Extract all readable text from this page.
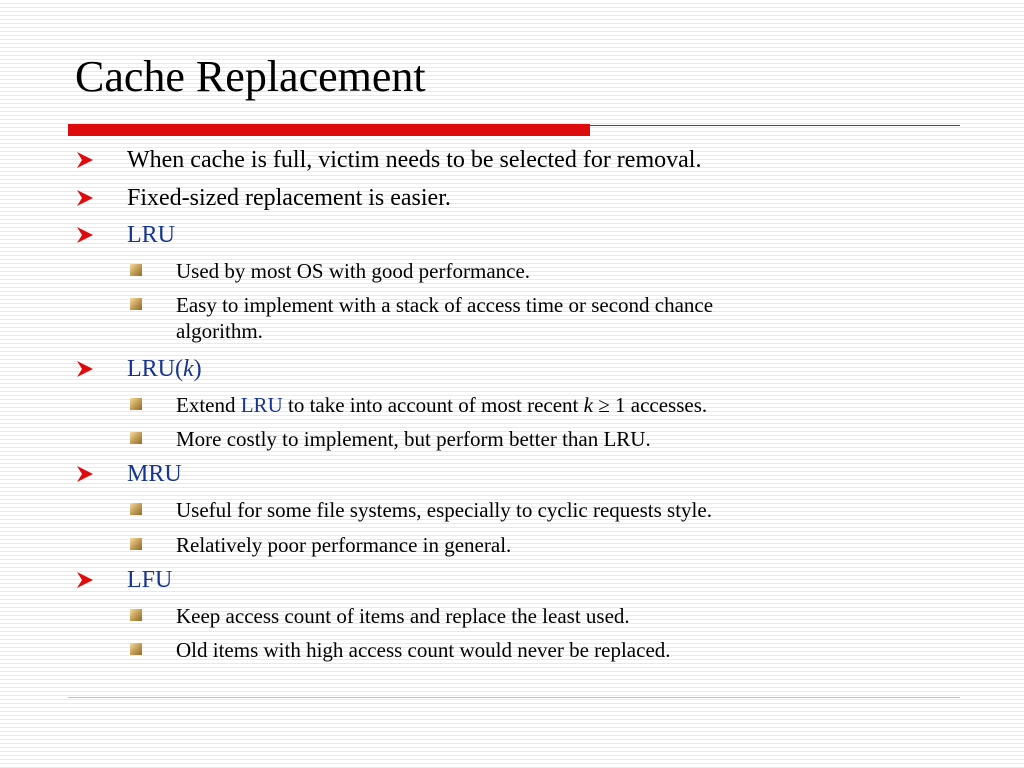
Cache Replacement
When cache is full, victim needs to be selected for removal.
Fixed-sized replacement is easier.
LRU
Used by most OS with good performance.
Easy to implement with a stack of access time or second chance
algorithm.
LRU(k)
Extend LRU to take into account of most recent k ≥ 1 accesses.
More costly to implement, but perform better than LRU.
MRU
Useful for some file systems, especially to cyclic requests style.
Relatively poor performance in general.
LFU
Keep access count of items and replace the least used.
Old items with high access count would never be replaced.
